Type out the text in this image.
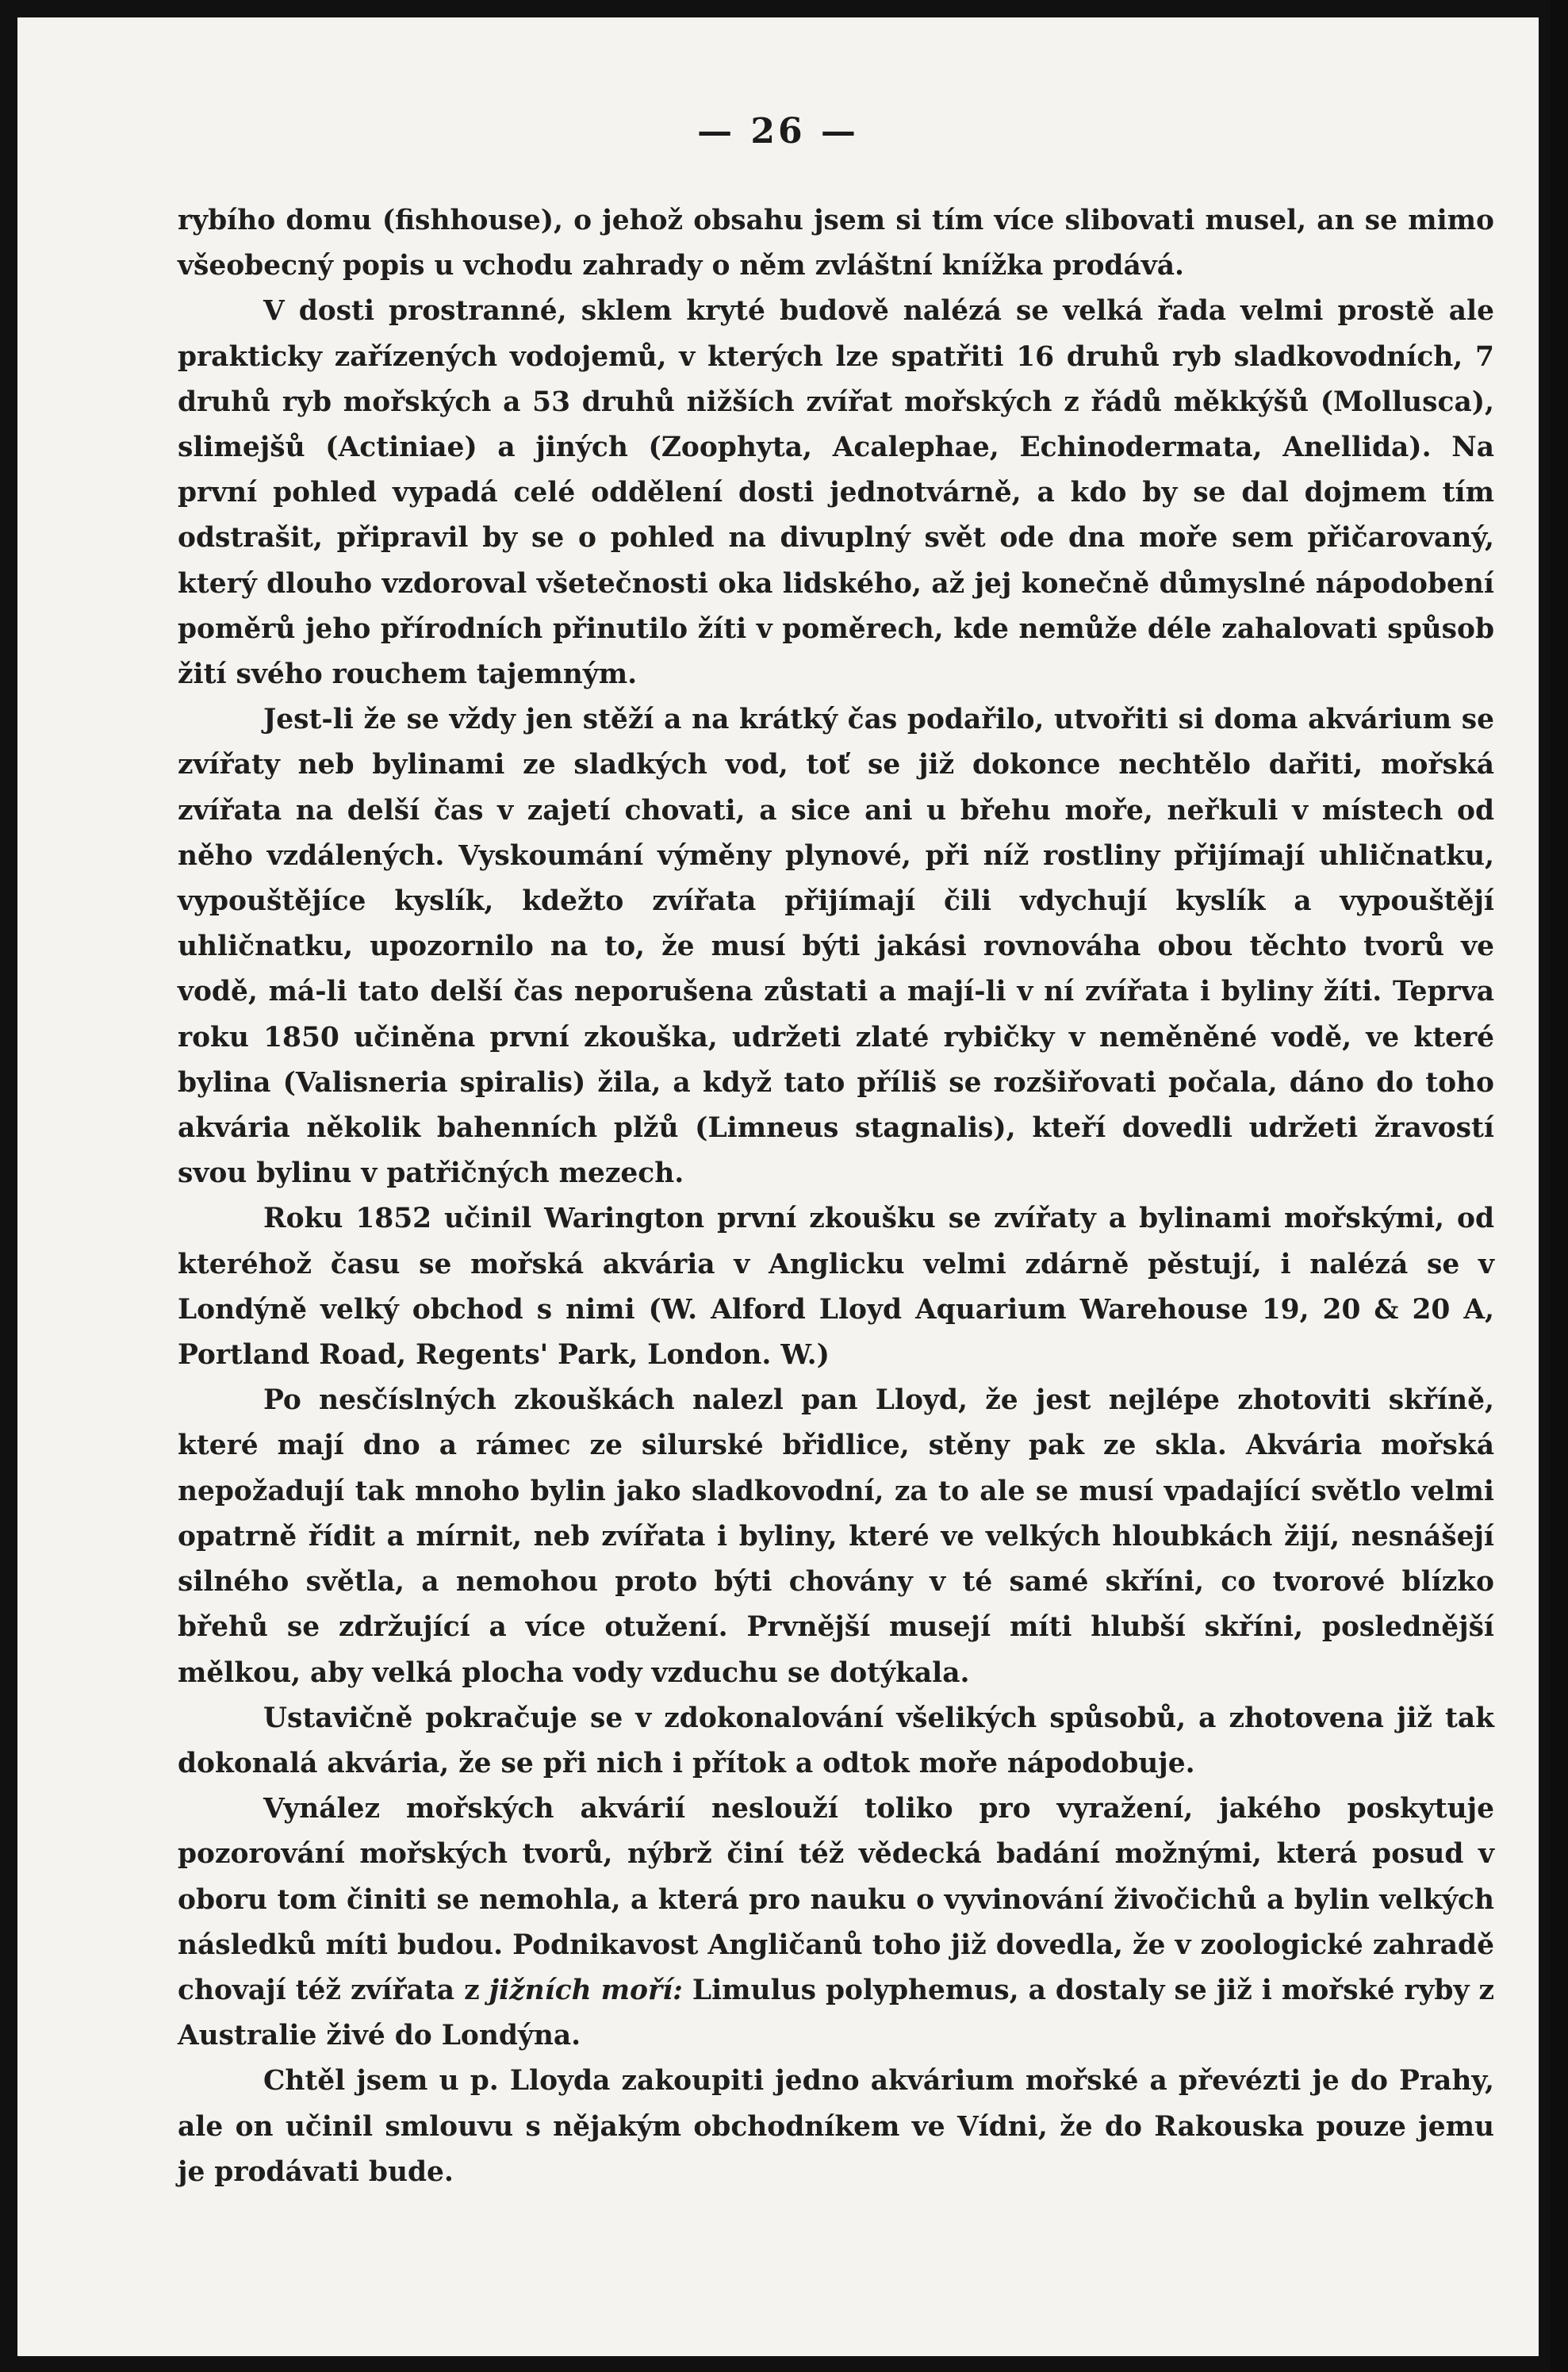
— 26 —

rybího domu (fishhouse), o jehož obsahu jsem si tím více slibovati musel, an se mimo všeobecný popis u vchodu zahrady o něm zvláštní knížka prodává.

V dosti prostranné, sklem kryté budově nalézá se velká řada velmi prostě ale prakticky zařízených vodojemů, v kterých lze spatřiti 16 druhů ryb sladkovodních, 7 druhů ryb mořských a 53 druhů nižších zvířat mořských z řádů měkkýšů (Mollusca), slimejšů (Actiniae) a jiných (Zoophyta, Acalephae, Echinodermata, Anellida). Na první pohled vypadá celé oddělení dosti jednotvárně, a kdo by se dal dojmem tím odstrašit, připravil by se o pohled na divuplný svět ode dna moře sem přičarovaný, který dlouho vzdoroval všetečnosti oka lidského, až jej konečně důmyslné nápodobení poměrů jeho přírodních přinutilo žíti v poměrech, kde nemůže déle zahalovati spůsob žití svého rouchem tajemným.

Jest-li že se vždy jen stěží a na krátký čas podařilo, utvořiti si doma akvárium se zvířaty neb bylinami ze sladkých vod, toť se již dokonce nechtělo dařiti, mořská zvířata na delší čas v zajetí chovati, a sice ani u břehu moře, neřkuli v místech od něho vzdálených. Vyskoumání výměny plynové, při níž rostliny přijímají uhličnatku, vypouštějíce kyslík, kdežto zvířata přijímají čili vdychují kyslík a vypouštějí uhličnatku, upozornilo na to, že musí býti jakási rovnováha obou těchto tvorů ve vodě, má-li tato delší čas neporušena zůstati a mají-li v ní zvířata i byliny žíti. Teprva roku 1850 učiněna první zkouška, udržeti zlaté rybičky v neměněné vodě, ve které bylina (Valisneria spiralis) žila, a když tato příliš se rozšiřovati počala, dáno do toho akvária několik bahenních plžů (Limneus stagnalis), kteří dovedli udržeti žravostí svou bylinu v patřičných mezech.

Roku 1852 učinil Warington první zkoušku se zvířaty a bylinami mořskými, od kteréhož času se mořská akvária v Anglicku velmi zdárně pěstují, i nalézá se v Londýně velký obchod s nimi (W. Alford Lloyd Aquarium Warehouse 19, 20 & 20 A, Portland Road, Regents' Park, London. W.)

Po nesčíslných zkouškách nalezl pan Lloyd, že jest nejlépe zhotoviti skříně, které mají dno a rámec ze silurské břidlice, stěny pak ze skla. Akvária mořská nepožadují tak mnoho bylin jako sladkovodní, za to ale se musí vpadající světlo velmi opatrně řídit a mírnit, neb zvířata i byliny, které ve velkých hloubkách žijí, nesnášejí silného světla, a nemohou proto býti chovány v té samé skříni, co tvorové blízko břehů se zdržující a více otužení. Prvnější musejí míti hlubší skříni, poslednější mělkou, aby velká plocha vody vzduchu se dotýkala.

Ustavičně pokračuje se v zdokonalování všelikých spůsobů, a zhotovena již tak dokonalá akvária, že se při nich i přítok a odtok moře nápodobuje.

Vynález mořských akvárií neslouží toliko pro vyražení, jakého poskytuje pozorování mořských tvorů, nýbrž činí též vědecká badání možnými, která posud v oboru tom činiti se nemohla, a která pro nauku o vyvinování živočichů a bylin velkých následků míti budou. Podnikavost Angličanů toho již dovedla, že v zoologické zahradě chovají též zvířata z jižních moří: Limulus polyphemus, a dostaly se již i mořské ryby z Australie živé do Londýna.

Chtěl jsem u p. Lloyda zakoupiti jedno akvárium mořské a převézti je do Prahy, ale on učinil smlouvu s nějakým obchodníkem ve Vídni, že do Rakouska pouze jemu je prodávati bude.
